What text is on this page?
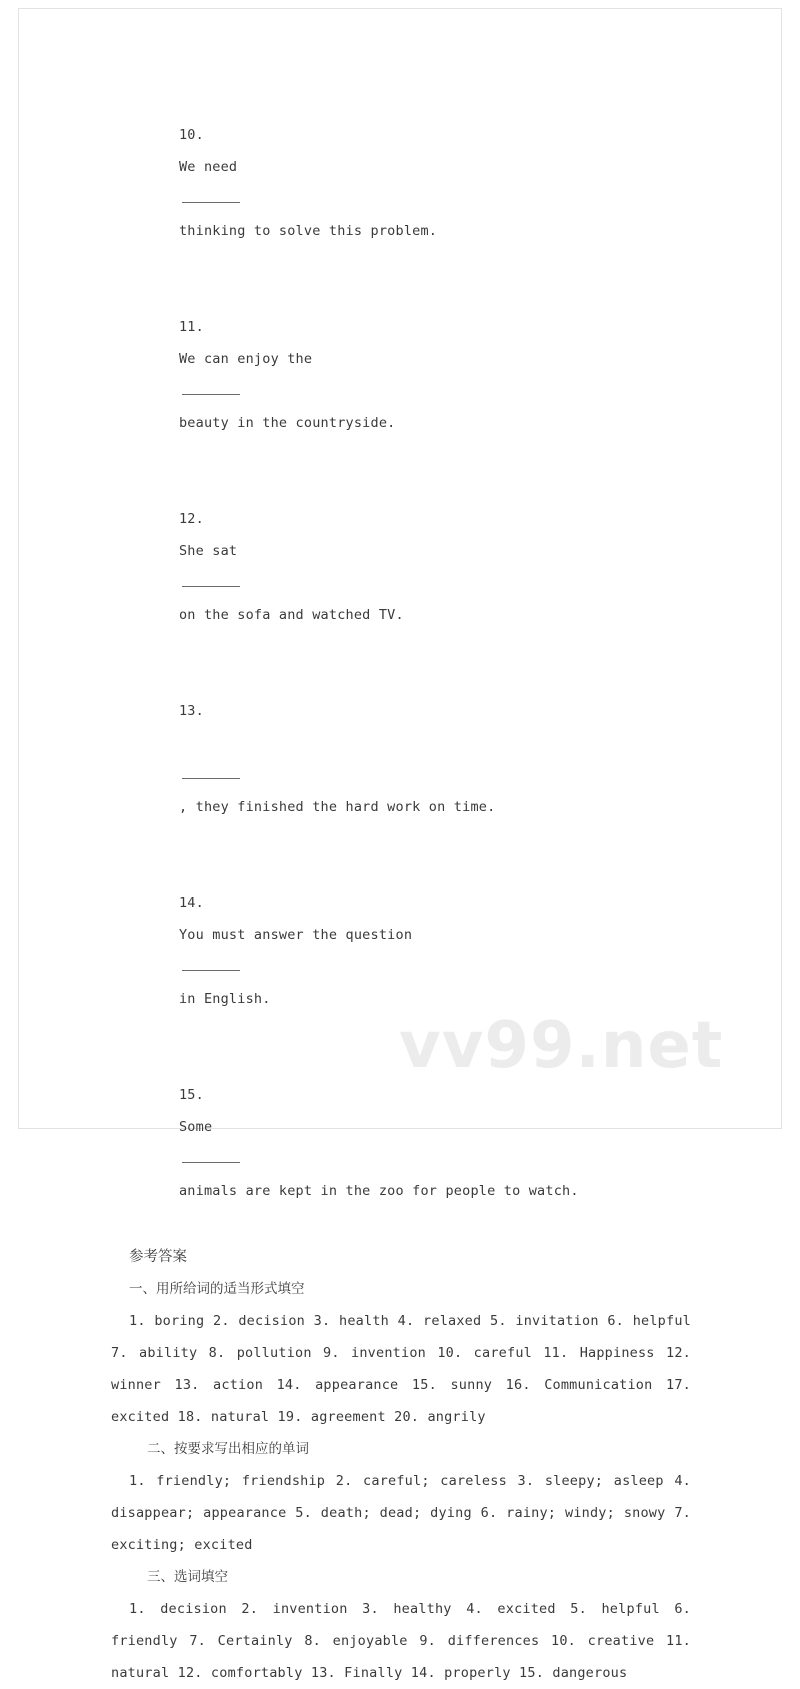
10.
We need

thinking to solve this problem.

11.
We can enjoy the

beauty in the countryside.

12.
She sat

on the sofa and watched TV.

13.

, they finished the hard work on time.

14.
You must answer the question

in English.

15.
Some

animals are kept in the zoo for people to watch.

参考答案
一、用所给词的适当形式填空
1. boring 2. decision 3. health 4. relaxed 5. invitation 6. helpful 7. ability 8. pollution 9. invention 10. careful 11. Happiness 12. winner 13. action 14. appearance 15. sunny 16. Communication 17. excited 18. natural 19. agreement 20. angrily
二、按要求写出相应的单词
1. friendly; friendship 2. careful; careless 3. sleepy; asleep 4. disappear; appearance 5. death; dead; dying 6. rainy; windy; snowy 7. exciting; excited
三、选词填空
1. decision 2. invention 3. healthy 4. excited 5. helpful 6. friendly 7. Certainly 8. enjoyable 9. differences 10. creative 11. natural 12. comfortably 13. Finally 14. properly 15. dangerous
vv99.net
